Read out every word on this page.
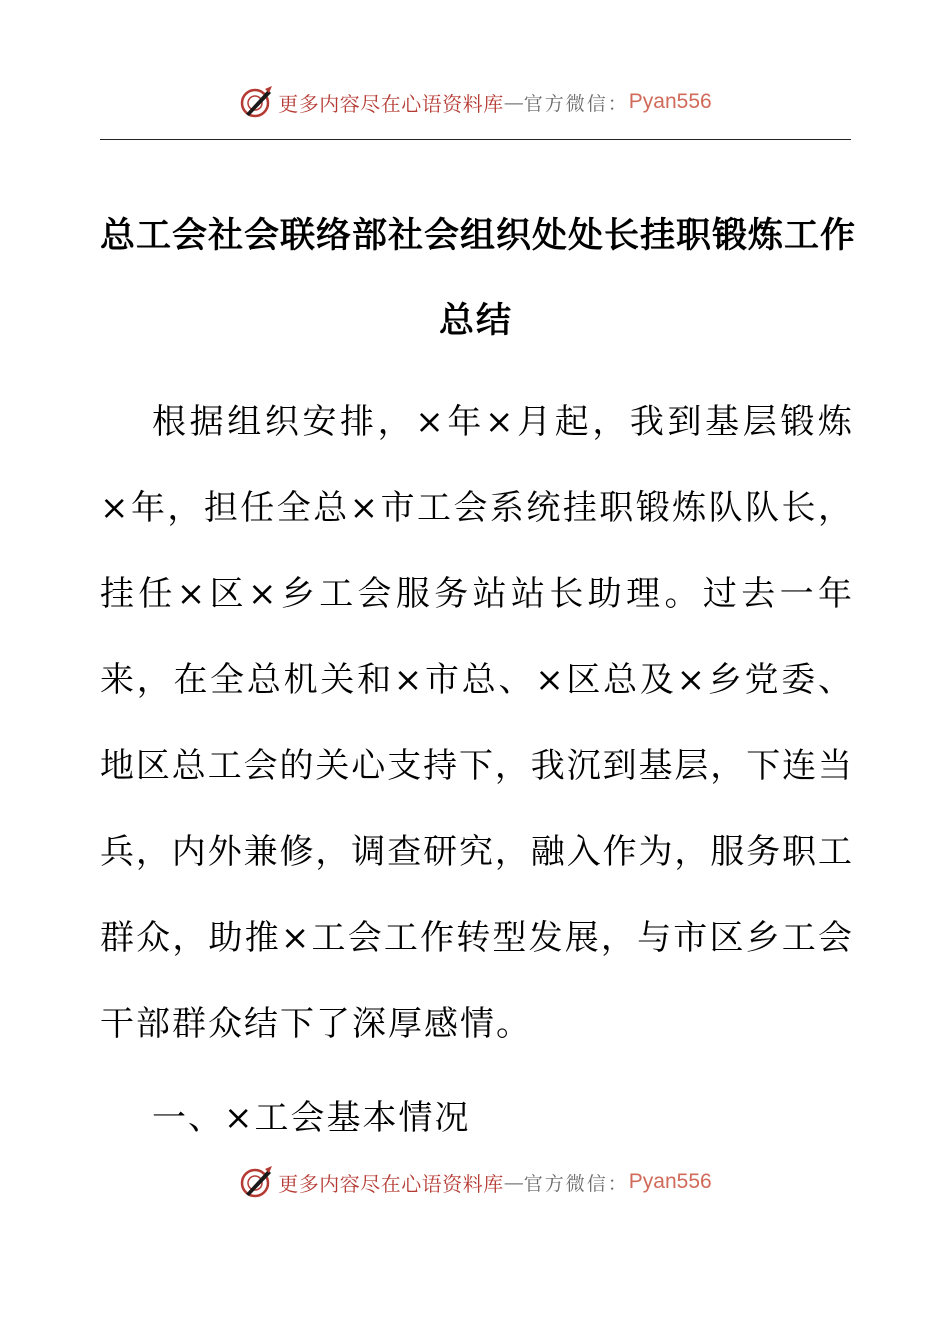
更多内容尽在心语资料库 — 官方微信： Pyan556
总工会社会联络部社会组织处处长挂职锻炼工作
总结
根据组织安排，×年×月起，我到基层锻炼
×年，担任全总×市工会系统挂职锻炼队队长，
挂任×区×乡工会服务站站长助理。过去一年
来，在全总机关和×市总、×区总及×乡党委、
地区总工会的关心支持下，我沉到基层，下连当
兵，内外兼修，调查研究，融入作为，服务职工
群众，助推×工会工作转型发展，与市区乡工会
干部群众结下了深厚感情。
一、×工会基本情况
更多内容尽在心语资料库 — 官方微信： Pyan556
